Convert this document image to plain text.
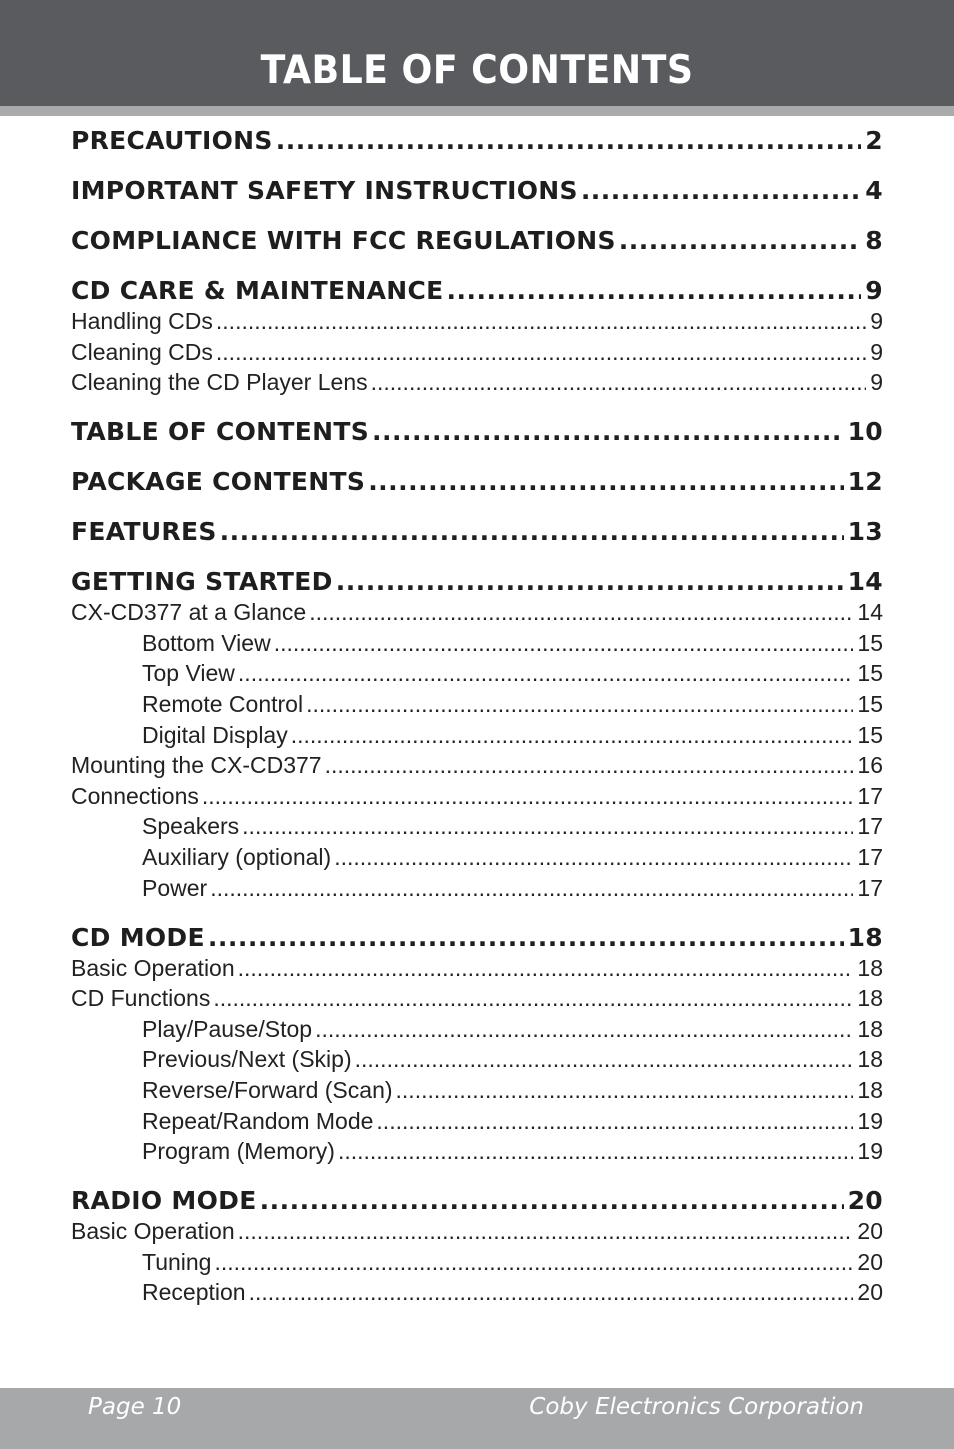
TABLE OF CONTENTS
PRECAUTIONS .....	2
IMPORTANT SAFETY INSTRUCTIONS .....	4
COMPLIANCE WITH FCC REGULATIONS .....	8
CD CARE & MAINTENANCE .....	9
Handling CDs .....	9
Cleaning CDs .....	9
Cleaning the CD Player Lens .....	9
TABLE OF CONTENTS .....	10
PACKAGE CONTENTS .....	12
FEATURES .....	13
GETTING STARTED .....	14
CX-CD377 at a Glance .....	14
Bottom View .....	15
Top View .....	15
Remote Control .....	15
Digital Display .....	15
Mounting the CX-CD377 .....	16
Connections .....	17
Speakers .....	17
Auxiliary (optional) .....	17
Power .....	17
CD MODE .....	18
Basic Operation .....	18
CD Functions .....	18
Play/Pause/Stop .....	18
Previous/Next (Skip) .....	18
Reverse/Forward (Scan) .....	18
Repeat/Random Mode .....	19
Program (Memory) .....	19
RADIO MODE .....	20
Basic Operation .....	20
Tuning .....	20
Reception .....	20
Page 10	Coby Electronics Corporation
